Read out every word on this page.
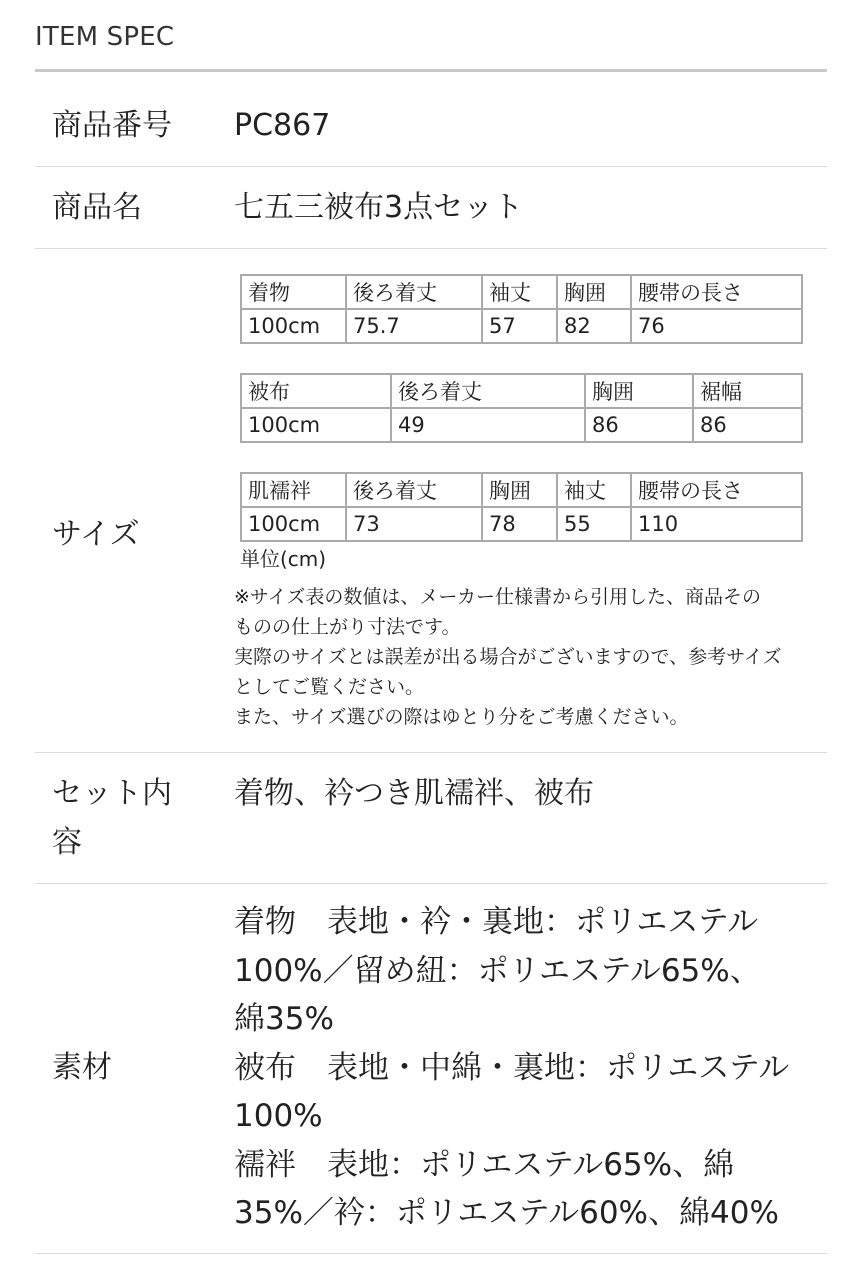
ITEM SPEC
商品番号 PC867
商品名	七五三被布3点セット
サイズ
着物	後ろ着丈	袖丈	胸囲	腰帯の長さ
100cm	75.7	57	82	76
被布	後ろ着丈	胸囲	裾幅
100cm	49	86	86
肌襦袢	後ろ着丈	胸囲	袖丈	腰帯の長さ
100cm	73	78	55	110
単位(cm)

※サイズ表の数値は、メーカー仕様書から引用した、商品その

ものの仕上がり寸法です。

実際のサイズとは誤差が出る場合がございますので、参考サイズ

としてご覧ください。

また、サイズ選びの際はゆとり分をご考慮ください。

セット内
容
着物、衿つき肌襦袢、被布
素材

着物　表地・衿・裏地：ポリエステル

100%／留め紐：ポリエステル65%、

綿35%

被布　表地・中綿・裏地：ポリエステル

100%

襦袢　表地：ポリエステル65%、綿

35%／衿：ポリエステル60%、綿40%
